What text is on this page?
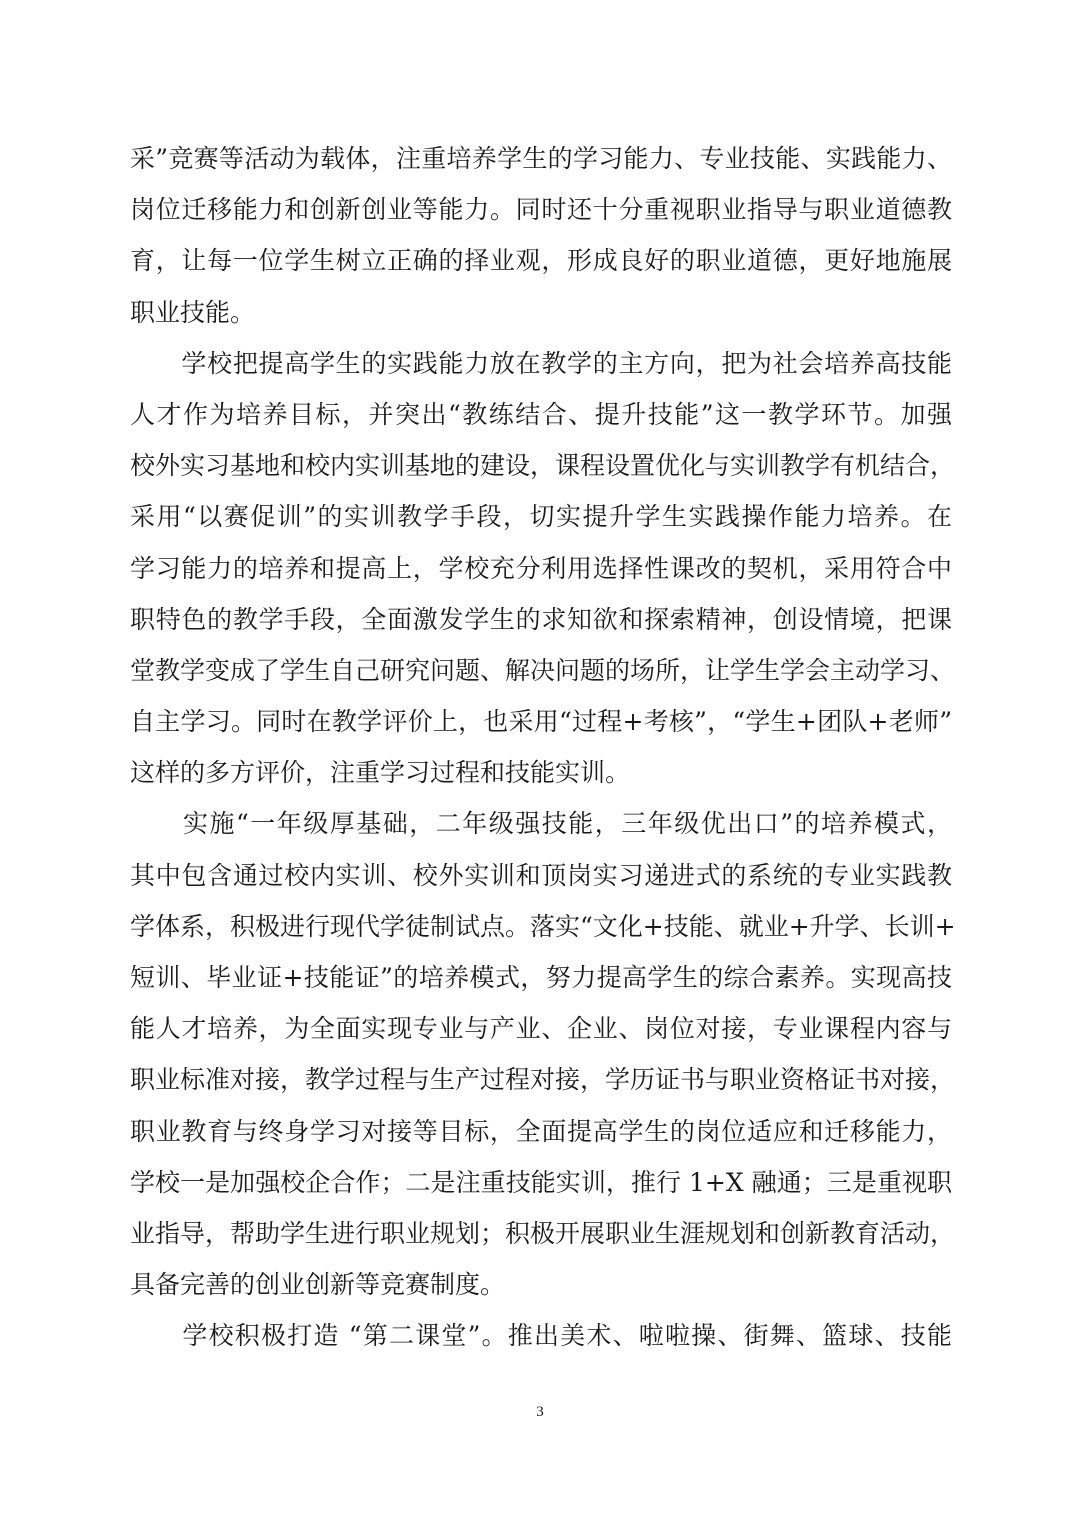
采”竞赛等活动为载体，注重培养学生的学习能力、专业技能、实践能力、
岗位迁移能力和创新创业等能力。同时还十分重视职业指导与职业道德教
育，让每一位学生树立正确的择业观，形成良好的职业道德，更好地施展
职业技能。
　　学校把提高学生的实践能力放在教学的主方向，把为社会培养高技能
人才作为培养目标，并突出“教练结合、提升技能”这一教学环节。加强
校外实习基地和校内实训基地的建设，课程设置优化与实训教学有机结合，
采用“以赛促训”的实训教学手段，切实提升学生实践操作能力培养。在
学习能力的培养和提高上，学校充分利用选择性课改的契机，采用符合中
职特色的教学手段，全面激发学生的求知欲和探索精神，创设情境，把课
堂教学变成了学生自己研究问题、解决问题的场所，让学生学会主动学习、
自主学习。同时在教学评价上，也采用“过程+考核”，“学生+团队+老师”
这样的多方评价，注重学习过程和技能实训。
　　实施“一年级厚基础，二年级强技能，三年级优出口”的培养模式，
其中包含通过校内实训、校外实训和顶岗实习递进式的系统的专业实践教
学体系，积极进行现代学徒制试点。落实“文化+技能、就业+升学、长训+
短训、毕业证+技能证”的培养模式，努力提高学生的综合素养。实现高技
能人才培养，为全面实现专业与产业、企业、岗位对接，专业课程内容与
职业标准对接，教学过程与生产过程对接，学历证书与职业资格证书对接，
职业教育与终身学习对接等目标，全面提高学生的岗位适应和迁移能力，
学校一是加强校企合作；二是注重技能实训，推行 1+X 融通；三是重视职
业指导，帮助学生进行职业规划；积极开展职业生涯规划和创新教育活动，
具备完善的创业创新等竞赛制度。
　　学校积极打造 “第二课堂”。推出美术、啦啦操、街舞、篮球、技能
3
